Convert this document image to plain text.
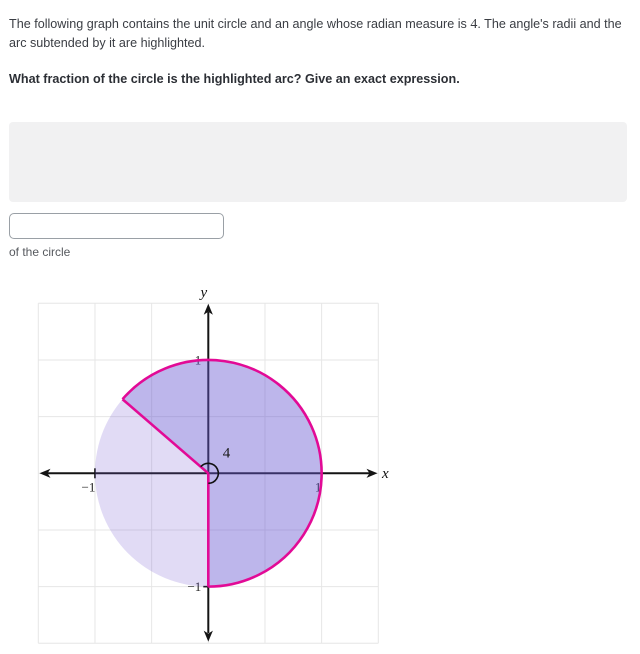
The following graph contains the unit circle and an angle whose radian measure is 4. The angle's radii and the arc subtended by it are highlighted.

What fraction of the circle is the highlighted arc? Give an exact expression.

of the circle
−1	1
−1
1
x
y
4
